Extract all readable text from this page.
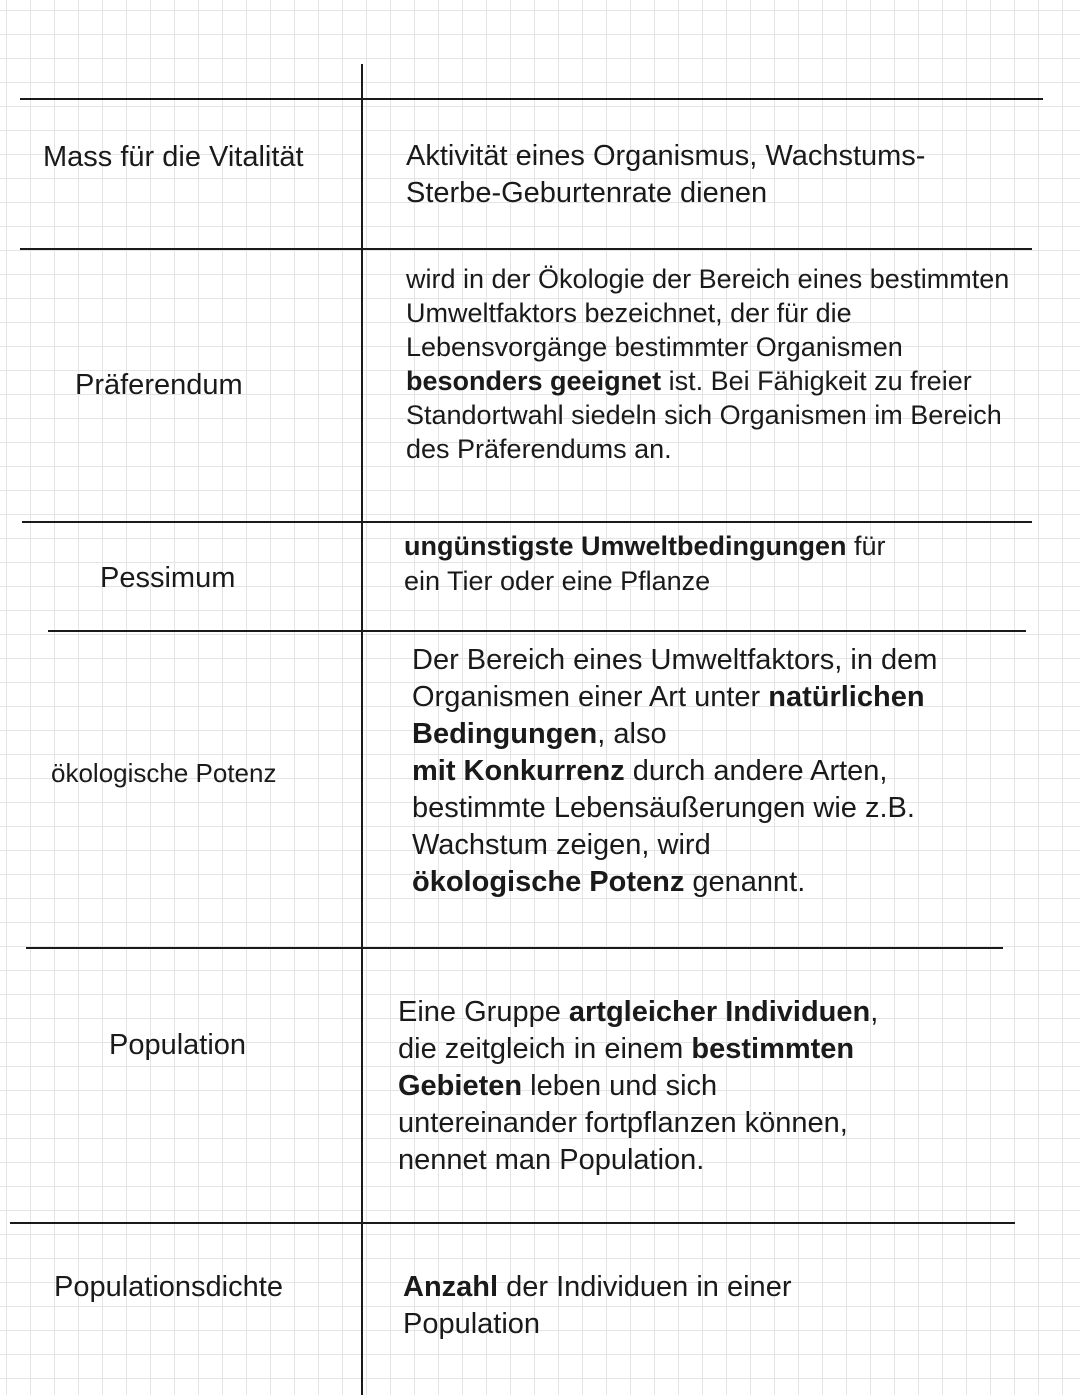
Mass für die Vitalität	Aktivität eines Organismus, Wachstums-
Sterbe-Geburtenrate dienen
Präferendum
wird in der Ökologie der Bereich eines bestimmten
Umweltfaktors bezeichnet, der für die
Lebensvorgänge bestimmter Organismen
besonders geeignet ist. Bei Fähigkeit zu freier
Standortwahl siedeln sich Organismen im Bereich
des Präferendums an.
Pessimum
ungünstigste Umweltbedingungen für
ein Tier oder eine Pflanze
ökologische Potenz
Der Bereich eines Umweltfaktors, in dem
Organismen einer Art unter natürlichen
Bedingungen, also
mit Konkurrenz durch andere Arten,
bestimmte Lebensäußerungen wie z.B.
Wachstum zeigen, wird
ökologische Potenz genannt.
Population
Eine Gruppe artgleicher Individuen,
die zeitgleich in einem bestimmten
Gebieten leben und sich
untereinander fortpflanzen können,
nennet man Population.
Populationsdichte	Anzahl der Individuen in einer
Population
